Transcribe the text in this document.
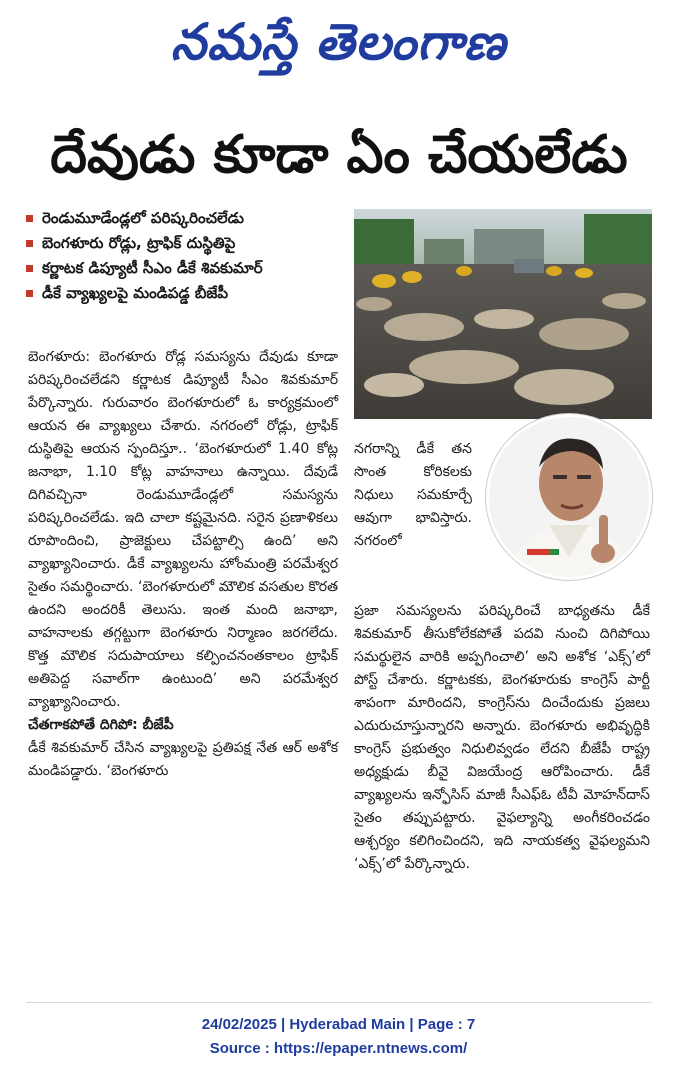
నమస్తే తెలంగాణ
దేవుడు కూడా ఏం చేయలేడు
రెండుమూడేండ్లలో పరిష్కరించలేడు
బెంగళూరు రోడ్లు, ట్రాఫిక్ దుస్థితిపై
కర్ణాటక డిప్యూటీ సీఎం డీకే శివకుమార్
డీకే వ్యాఖ్యలపై మండిపడ్డ బీజేపీ

బెంగళూరు: బెంగళూరు రోడ్ల సమస్యను దేవుడు కూడా పరిష్కరించలేడని కర్ణాటక డిప్యూటీ సీఎం శివకుమార్ పేర్కొన్నారు. గురువారం బెంగళూరులో ఓ కార్యక్రమంలో ఆయన ఈ వ్యాఖ్యలు చేశారు. నగరంలో రోడ్లు, ట్రాఫిక్ దుస్థితిపై ఆయన స్పందిస్తూ.. ‘బెంగళూరులో 1.40 కోట్ల జనాభా, 1.10 కోట్ల వాహనాలు ఉన్నాయి. దేవుడే దిగివచ్చినా రెండుమూడేండ్లలో సమస్యను పరిష్కరించలేడు. ఇది చాలా కష్టమైనది. సరైన ప్రణాళికలు రూపొందించి, ప్రాజెక్టులు చేపట్టాల్సి ఉంది’ అని వ్యాఖ్యానించారు. డీకే వ్యాఖ్యలను హోంమంత్రి పరమేశ్వర సైతం సమర్థించారు. ‘బెంగళూరులో మౌలిక వసతుల కొరత ఉందని అందరికీ తెలుసు. ఇంత మంది జనాభా, వాహనాలకు తగ్గట్టుగా బెంగళూరు నిర్మాణం జరగలేదు. కొత్త మౌలిక సదుపాయాలు కల్పించనంతకాలం ట్రాఫిక్ అతిపెద్ద సవాల్‌గా ఉంటుంది’ అని పరమేశ్వర వ్యాఖ్యానించారు.

చేతగాకపోతే దిగిపో: బీజేపీ

డీకే శివకుమార్ చేసిన వ్యాఖ్యలపై ప్రతిపక్ష నేత ఆర్ అశోక మండిపడ్డారు. ‘బెంగళూరు

నగరాన్ని డీకే తన సొంత కోరికలకు నిధులు సమకూర్చే ఆవుగా భావిస్తారు. నగరంలో

ప్రజా సమస్యలను పరిష్కరించే బాధ్యతను డీకే శివకుమార్ తీసుకోలేకపోతే పదవి నుంచి దిగిపోయి సమర్థులైన వారికి అప్పగించాలి’ అని అశోక ‘ఎక్స్’లో పోస్ట్ చేశారు. కర్ణాటకకు, బెంగళూరుకు కాంగ్రెస్ పార్టీ శాపంగా మారిందని, కాంగ్రెస్‌ను దించేందుకు ప్రజలు ఎదురుచూస్తున్నారని అన్నారు. బెంగళూరు అభివృద్ధికి కాంగ్రెస్ ప్రభుత్వం నిధులివ్వడం లేదని బీజేపీ రాష్ట్ర అధ్యక్షుడు బీవై విజయేంద్ర ఆరోపించారు. డీకే వ్యాఖ్యలను ఇన్ఫోసిస్ మాజీ సీఎఫ్‌ఓ టీవీ మోహన్‌దాస్ సైతం తప్పుపట్టారు. వైఫల్యాన్ని అంగీకరించడం ఆశ్చర్యం కలిగించిందని, ఇది నాయకత్వ వైఫల్యమని ‘ఎక్స్’లో పేర్కొన్నారు.

24/02/2025 | Hyderabad Main | Page : 7
Source : https://epaper.ntnews.com/
